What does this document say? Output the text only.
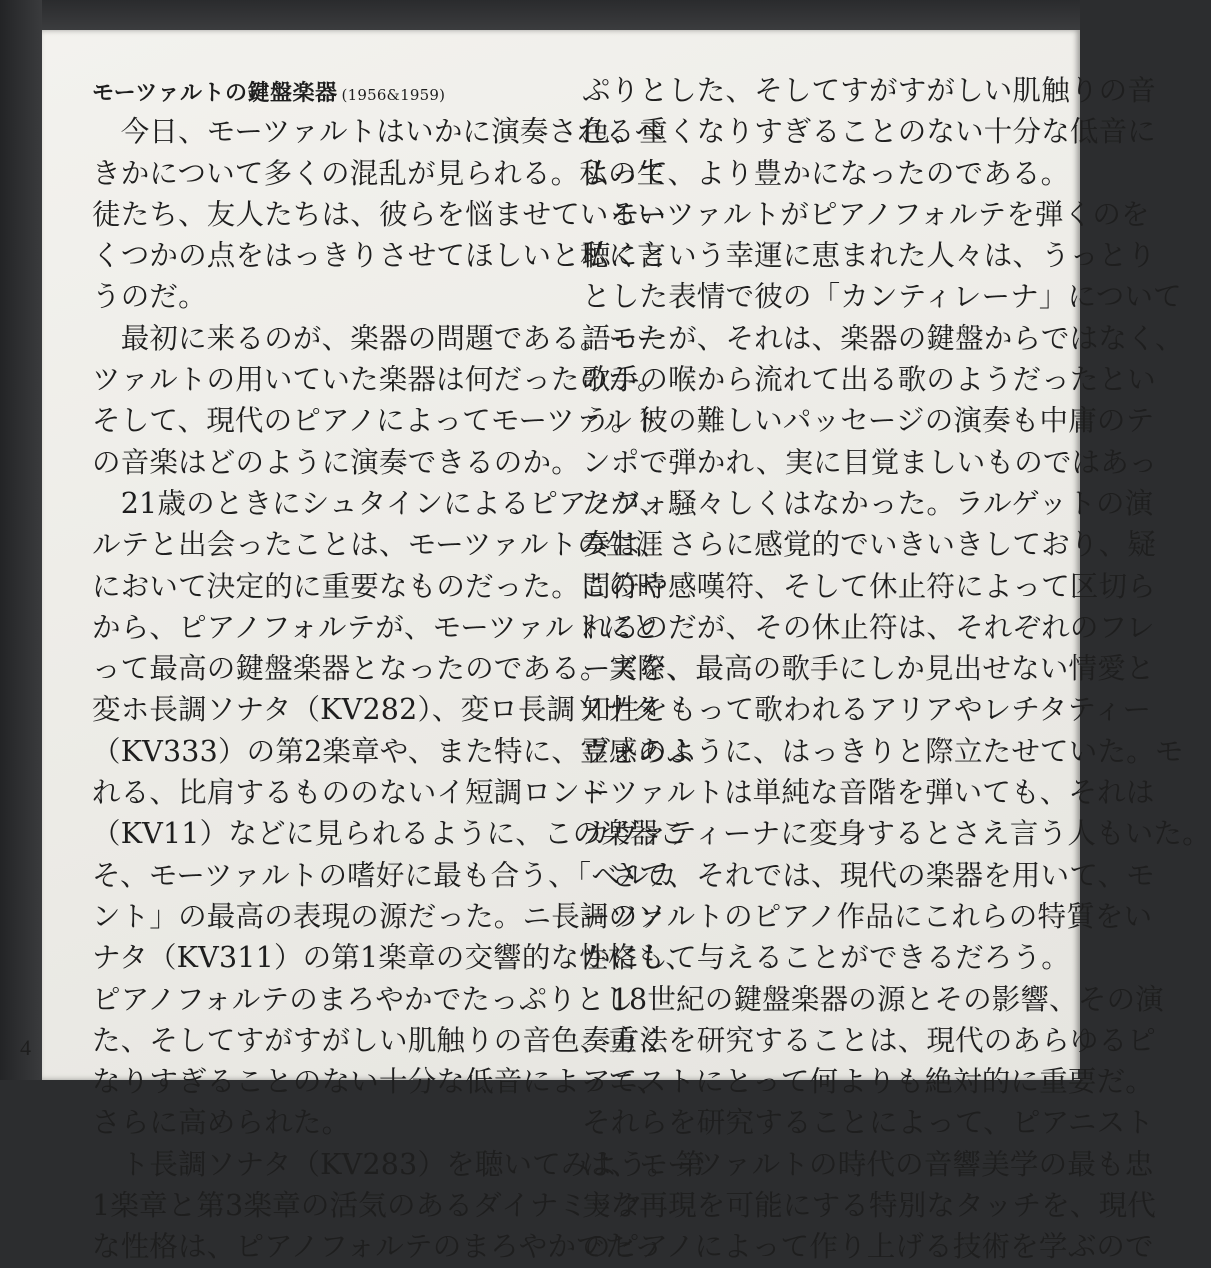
モーツァルトの鍵盤楽器 (1956&1959)
　今日、モーツァルトはいかに演奏されるべ
きかについて多くの混乱が見られる。私の生
徒たち、友人たちは、彼らを悩ませているい
くつかの点をはっきりさせてほしいと私に言
うのだ。
　最初に来るのが、楽器の問題である。モー
ツァルトの用いていた楽器は何だったのか。
そして、現代のピアノによってモーツァルト
の音楽はどのように演奏できるのか。
　21歳のときにシュタインによるピアノフォ
ルテと出会ったことは、モーツァルトの生涯
において決定的に重要なものだった。この時
から、ピアノフォルテが、モーツァルトにと
って最高の鍵盤楽器となったのである。実際、
変ホ長調ソナタ（KV282）、変ロ長調ソナタ
（KV333）の第2楽章や、また特に、霊感あふ
れる、比肩するもののないイ短調ロンド
（KV11）などに見られるように、この楽器こ
そ、モーツァルトの嗜好に最も合う、「ベルカ
ント」の最高の表現の源だった。ニ長調のソ
ナタ（KV311）の第1楽章の交響的な性格も、
ピアノフォルテのまろやかでたっぷりとし
た、そしてすがすがしい肌触りの音色、重く
なりすぎることのない十分な低音によって、
さらに高められた。
　ト長調ソナタ（KV283）を聴いてみよう。第
1楽章と第3楽章の活気のあるダイナミック
な性格は、ピアノフォルテのまろやかでたっ
ぷりとした、そしてすがすがしい肌触りの音
色、重くなりすぎることのない十分な低音に
よって、より豊かになったのである。
　モーツァルトがピアノフォルテを弾くのを
聴くという幸運に恵まれた人々は、うっとり
とした表情で彼の「カンティレーナ」について
語ったが、それは、楽器の鍵盤からではなく、
歌手の喉から流れて出る歌のようだったとい
う。彼の難しいパッセージの演奏も中庸のテ
ンポで弾かれ、実に目覚ましいものではあっ
たが、騒々しくはなかった。ラルゲットの演
奏は、さらに感覚的でいきいきしており、疑
問符や感嘆符、そして休止符によって区切ら
れるのだが、その休止符は、それぞれのフレ
ーズを、最高の歌手にしか見出せない情愛と
知性をもって歌われるアリアやレチタティー
ヴォのように、はっきりと際立たせていた。モ
ーツァルトは単純な音階を弾いても、それは
カヴァティーナに変身するとさえ言う人もいた。
　さて、それでは、現代の楽器を用いて、モ
ーツァルトのピアノ作品にこれらの特質をい
かにして与えることができるだろう。
　18世紀の鍵盤楽器の源とその影響、その演
奏方法を研究することは、現代のあらゆるピ
アニストにとって何よりも絶対的に重要だ。
それらを研究することによって、ピアニスト
は、モーツァルトの時代の音響美学の最も忠
実な再現を可能にする特別なタッチを、現代
のピアノによって作り上げる技術を学ぶので
4
